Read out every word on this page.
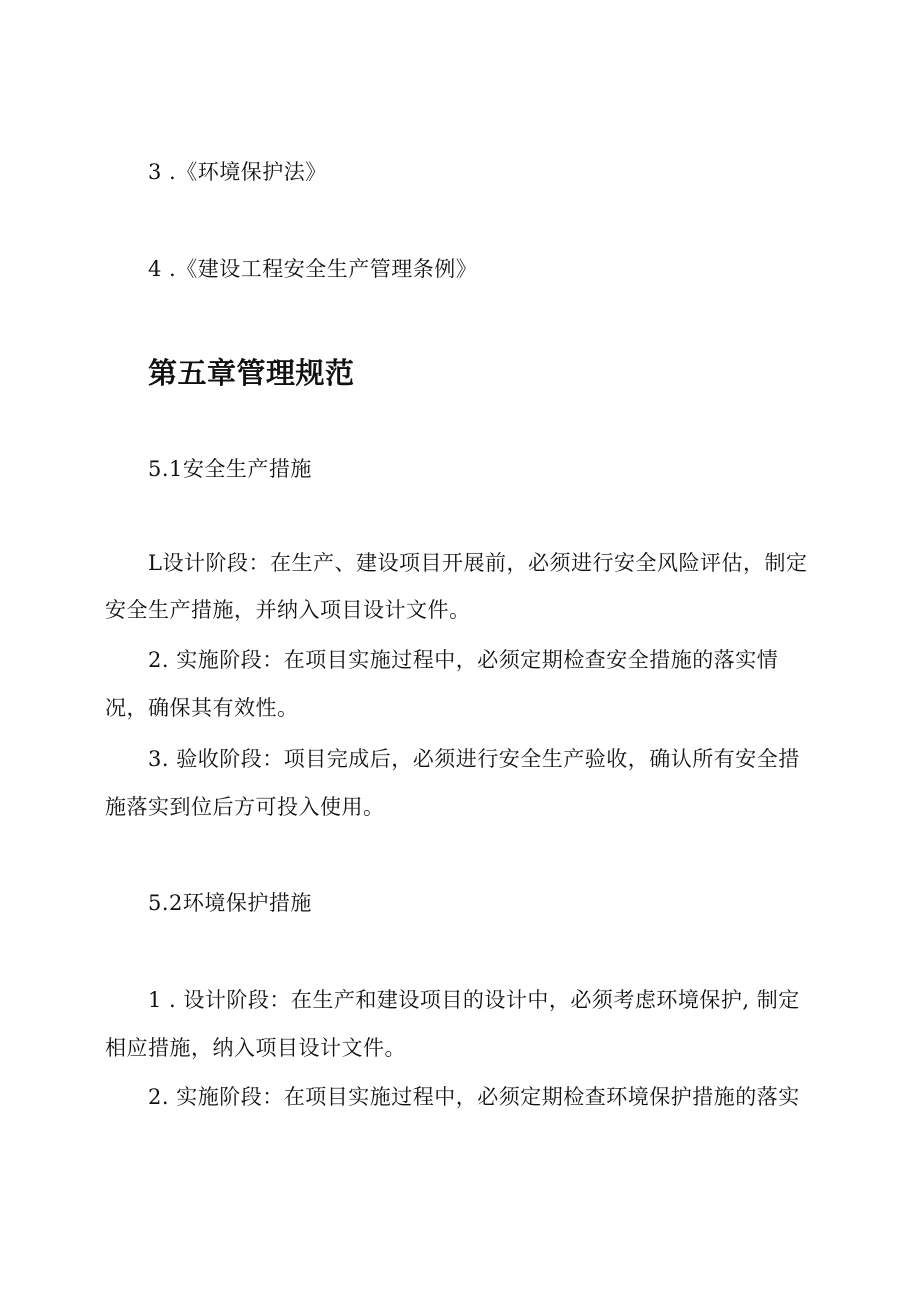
3 .《环境保护法》
4 .《建设工程安全生产管理条例》
第五章管理规范
5.1安全生产措施
L设计阶段：在生产、建设项目开展前，必须进行安全风险评估，制定
安全生产措施，并纳入项目设计文件。
2. 实施阶段：在项目实施过程中，必须定期检查安全措施的落实情
况，确保其有效性。
3. 验收阶段：项目完成后，必须进行安全生产验收，确认所有安全措
施落实到位后方可投入使用。
5.2环境保护措施
1 . 设计阶段：在生产和建设项目的设计中，必须考虑环境保护, 制定
相应措施，纳入项目设计文件。
2. 实施阶段：在项目实施过程中，必须定期检查环境保护措施的落实
